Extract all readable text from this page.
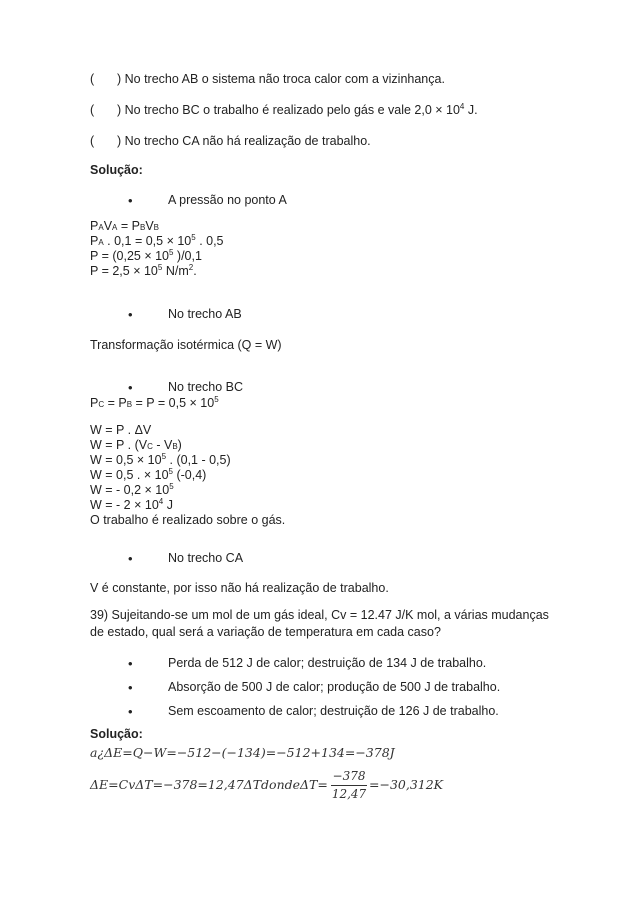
( ) No trecho AB o sistema não troca calor com a vizinhança.
( ) No trecho BC o trabalho é realizado pelo gás e vale $2,0 \times 10^4$ J.
( ) No trecho CA não há realização de trabalho.
Solução:
•	A pressão no ponto A
PAVA = PBVB
PA . $0,1 = 0,5 \times 10^5$ . 0,5
$P = (0,25 \times 10^5$ )/0,1
$P = 2,5 \times 10^5$ $N/m^2$.
•	No trecho AB
Transformação isotérmica (Q = W)
•	No trecho BC
PC = PB = $P = 0,5 \times 10^5$
W = P . ΔV
W = P . (VC - VB)
$W = 0,5 \times 10^5$ . (0,1 - 0,5)
W = 0,5 . × $10^5$ (-0,4)
W = - $0,2 \times 10^5$
W = - $2 \times 10^4$ J
O trabalho é realizado sobre o gás.
•	No trecho CA
V é constante, por isso não há realização de trabalho.
39) Sujeitando-se um mol de um gás ideal, Cv = 12.47 J/K mol, a várias mudanças
de estado, qual será a variação de temperatura em cada caso?
•	Perda de 512 J de calor; destruição de 134 J de trabalho.
•	Absorção de 500 J de calor; produção de 500 J de trabalho.
•	Sem escoamento de calor; destruição de 126 J de trabalho.
Solução:
a¿ΔE=Q−W=−512−(−134)=−512+134=−378J
ΔE=CvΔT=−378=12,47ΔTdondeΔT=
−378
12,47
=−30,312K
